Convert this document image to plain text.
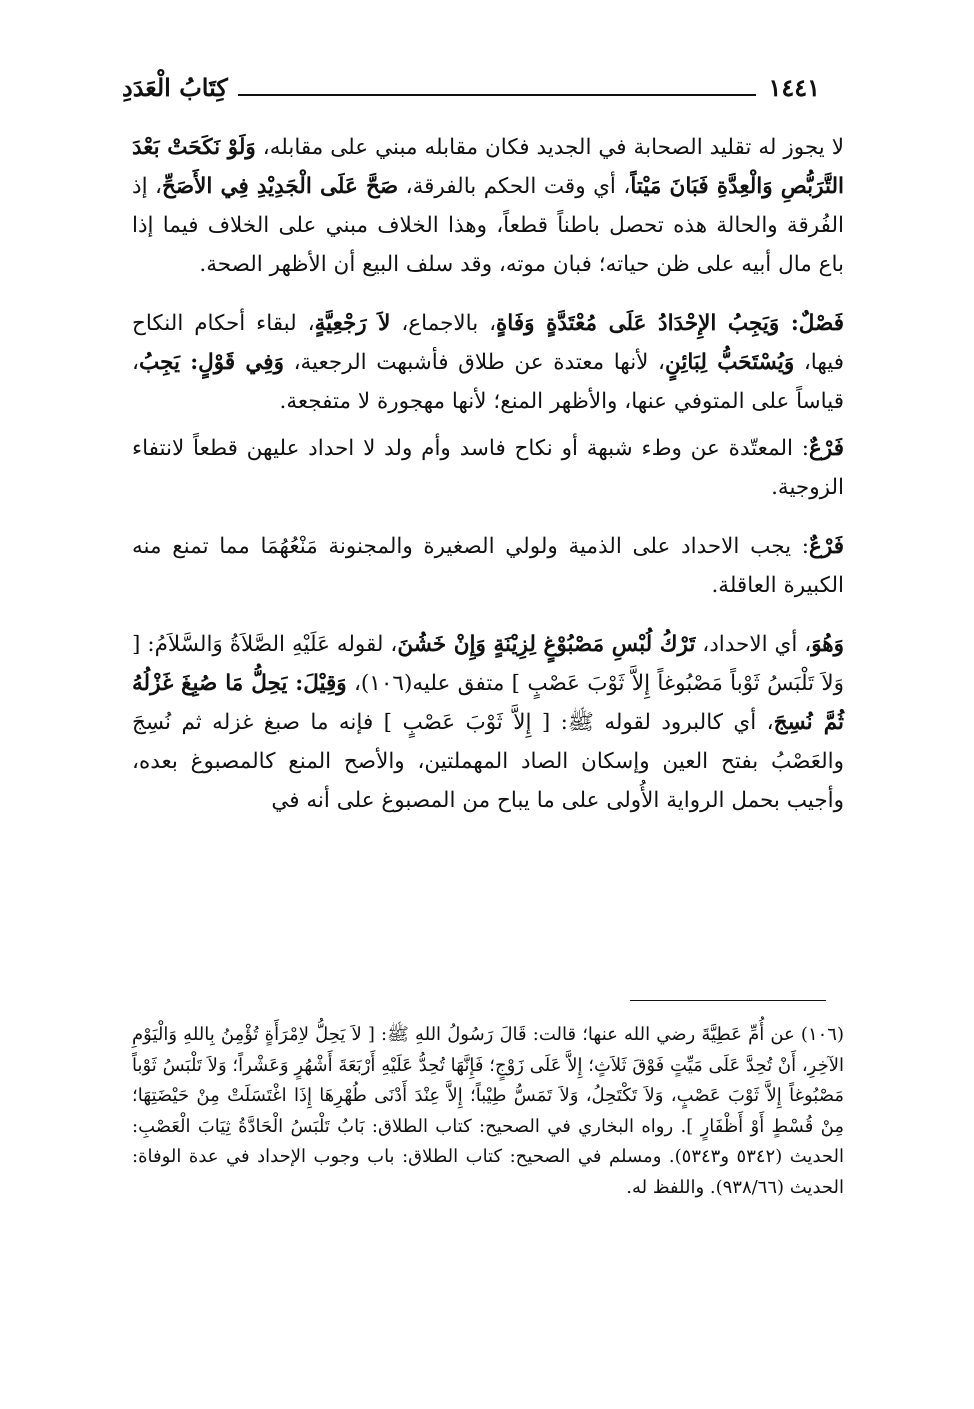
١٤٤١
كِتَابُ الْعَدَدِ

لا يجوز له تقليد الصحابة في الجديد فكان مقابله مبني على مقابله، وَلَوْ نَكَحَتْ بَعْدَ التَّرَبُّصِ وَالْعِدَّةِ فَبَانَ مَيْتاً، أي وقت الحكم بالفرقة، صَحَّ عَلَى الْجَدِيْدِ فِي الأَصَحِّ، إذ الفُرقة والحالة هذه تحصل باطناً قطعاً، وهذا الخلاف مبني على الخلاف فيما إذا باع مال أبيه على ظن حياته؛ فبان موته، وقد سلف البيع أن الأظهر الصحة.

فَصْلٌ: وَيَجِبُ الإِحْدَادُ عَلَى مُعْتَدَّةٍ وَفَاةٍ، بالاجماع، لاَ رَجْعِيَّةٍ، لبقاء أحكام النكاح فيها، وَيُسْتَحَبُّ لِبَائِنٍ، لأنها معتدة عن طلاق فأشبهت الرجعية، وَفِي قَوْلٍ: يَجِبُ، قياساً على المتوفي عنها، والأظهر المنع؛ لأنها مهجورة لا متفجعة.

فَرْعٌ: المعتّدة عن وطء شبهة أو نكاح فاسد وأم ولد لا احداد عليهن قطعاً لانتفاء الزوجية.

فَرْعٌ: يجب الاحداد على الذمية ولولي الصغيرة والمجنونة مَنْعُهُمَا مما تمنع منه الكبيرة العاقلة.

وَهُوَ، أي الاحداد، تَرْكُ لُبْسِ مَصْبُوْغٍ لِزِيْنَةٍ وَإِنْ خَشُنَ، لقوله عَلَيْهِ الصَّلاَةُ وَالسَّلاَمُ: [ وَلاَ تَلْبَسُ ثَوْباً مَصْبُوغاً إِلاَّ ثَوْبَ عَصْبٍ ] متفق عليه(١٠٦)، وَقِيْلَ: يَحِلُّ مَا صُبِغَ غَزْلُهُ ثُمَّ نُسِجَ، أي كالبرود لقوله ﷺ: [ إِلاَّ ثَوْبَ عَصْبٍ ] فإنه ما صبغ غزله ثم نُسِجَ والعَصْبُ بفتح العين وإسكان الصاد المهملتين، والأصح المنع كالمصبوغ بعده، وأجيب بحمل الرواية الأُولى على ما يباح من المصبوغ على أنه في

(١٠٦) عن أُمِّ عَطِيَّةَ رضي الله عنها؛ قالت: قَالَ رَسُولُ اللهِ ﷺ: [ لاَ يَحِلُّ لاِمْرَأَةٍ تُؤْمِنُ بِاللهِ وَالْيَوْمِ الآخِرِ، أَنْ تُحِدَّ عَلَى مَيِّتٍ فَوْقَ ثَلاَثٍ؛ إِلاَّ عَلَى زَوْجٍ؛ فَإِنَّهَا تُحِدُّ عَلَيْهِ أَرْبَعَةَ أَشْهُرٍ وَعَشْراً؛ وَلاَ تَلْبَسُ ثَوْباً مَصْبُوغاً إِلاَّ ثَوْبَ عَصْبٍ، وَلاَ تَكْتَحِلُ، وَلاَ تَمَسُّ طِيْباً؛ إِلاَّ عِنْدَ أَدْنَى طُهْرِهَا إِذَا اغْتَسَلَتْ مِنْ حَيْضَتِهَا؛ مِنْ قُسْطٍ أَوْ أَظْفَارٍ ]. رواه البخاري في الصحيح: كتاب الطلاق: بَابُ تَلْبَسُ الْحَادَّةُ ثِيَابَ الْعَصْبِ: الحديث (٥٣٤٢ و٥٣٤٣). ومسلم في الصحيح: كتاب الطلاق: باب وجوب الإحداد في عدة الوفاة: الحديث (٩٣٨/٦٦). واللفظ له.
